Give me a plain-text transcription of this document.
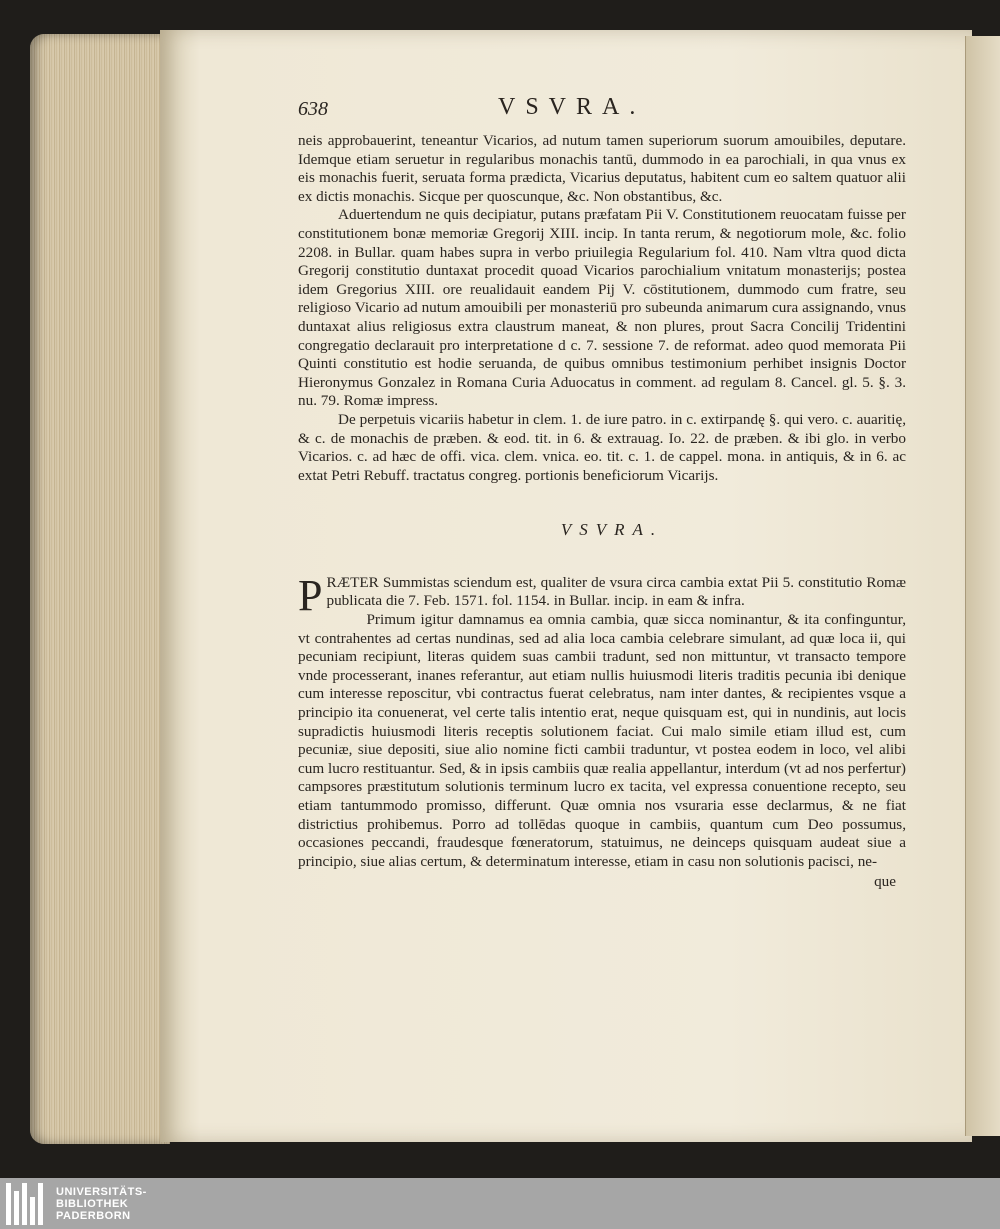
638	VSVRA.

neis approbauerint, teneantur Vicarios, ad nutum tamen superiorum suorum amouibiles, deputare. Idemque etiam seruetur in regularibus monachis tantū, dummodo in ea parochiali, in qua vnus ex eis monachis fuerit, seruata forma prædicta, Vicarius deputatus, habitent cum eo saltem quatuor alii ex dictis monachis. Sicque per quoscunque, &c. Non obstantibus, &c.

Aduertendum ne quis decipiatur, putans præfatam Pii V. Constitutionem reuocatam fuisse per constitutionem bonæ memoriæ Gregorij XIII. incip. In tanta rerum, & negotiorum mole, &c. folio 2208. in Bullar. quam habes supra in verbo priuilegia Regularium fol. 410. Nam vltra quod dicta Gregorij constitutio duntaxat procedit quoad Vicarios parochialium vnitatum monasterijs; postea idem Gregorius XIII. ore reualidauit eandem Pij V. cōstitutionem, dummodo cum fratre, seu religioso Vicario ad nutum amouibili per monasteriū pro subeunda animarum cura assignando, vnus duntaxat alius religiosus extra claustrum maneat, & non plures, prout Sacra Concilij Tridentini congregatio declarauit pro interpretatione d c. 7. sessione 7. de reformat. adeo quod memorata Pii Quinti constitutio est hodie seruanda, de quibus omnibus testimonium perhibet insignis Doctor Hieronymus Gonzalez in Romana Curia Aduocatus in comment. ad regulam 8. Cancel. gl. 5. §. 3. nu. 79. Romæ impress.

De perpetuis vicariis habetur in clem. 1. de iure patro. in c. extirpandę §. qui vero. c. auaritię, & c. de monachis de præben. & eod. tit. in 6. & extrauag. Io. 22. de præben. & ibi glo. in verbo Vicarios. c. ad hæc de offi. vica. clem. vnica. eo. tit. c. 1. de cappel. mona. in antiquis, & in 6. ac extat Petri Rebuff. tractatus congreg. portionis beneficiorum Vicarijs.

VSVRA.

PRÆTER Summistas sciendum est, qualiter de vsura circa cambia extat Pii 5. constitutio Romæ publicata die 7. Feb. 1571. fol. 1154. in Bullar. incip. in eam & infra.

Primum igitur damnamus ea omnia cambia, quæ sicca nominantur, & ita confinguntur, vt contrahentes ad certas nundinas, sed ad alia loca cambia celebrare simulant, ad quæ loca ii, qui pecuniam recipiunt, literas quidem suas cambii tradunt, sed non mittuntur, vt transacto tempore vnde processerant, inanes referantur, aut etiam nullis huiusmodi literis traditis pecunia ibi denique cum interesse reposcitur, vbi contractus fuerat celebratus, nam inter dantes, & recipientes vsque a principio ita conuenerat, vel certe talis intentio erat, neque quisquam est, qui in nundinis, aut locis supradictis huiusmodi literis receptis solutionem faciat. Cui malo simile etiam illud est, cum pecuniæ, siue depositi, siue alio nomine ficti cambii traduntur, vt postea eodem in loco, vel alibi cum lucro restituantur. Sed, & in ipsis cambiis quæ realia appellantur, interdum (vt ad nos perfertur) campsores præstitutum solutionis terminum lucro ex tacita, vel expressa conuentione recepto, seu etiam tantummodo promisso, differunt. Quæ omnia nos vsuraria esse declarmus, & ne fiat districtius prohibemus. Porro ad tollēdas quoque in cambiis, quantum cum Deo possumus, occasiones peccandi, fraudesque fœneratorum, statuimus, ne deinceps quisquam audeat siue a principio, siue alias certum, & determinatum interesse, etiam in casu non solutionis pacisci, ne-

que
UNIVERSITÄTS-
BIBLIOTHEK
PADERBORN
